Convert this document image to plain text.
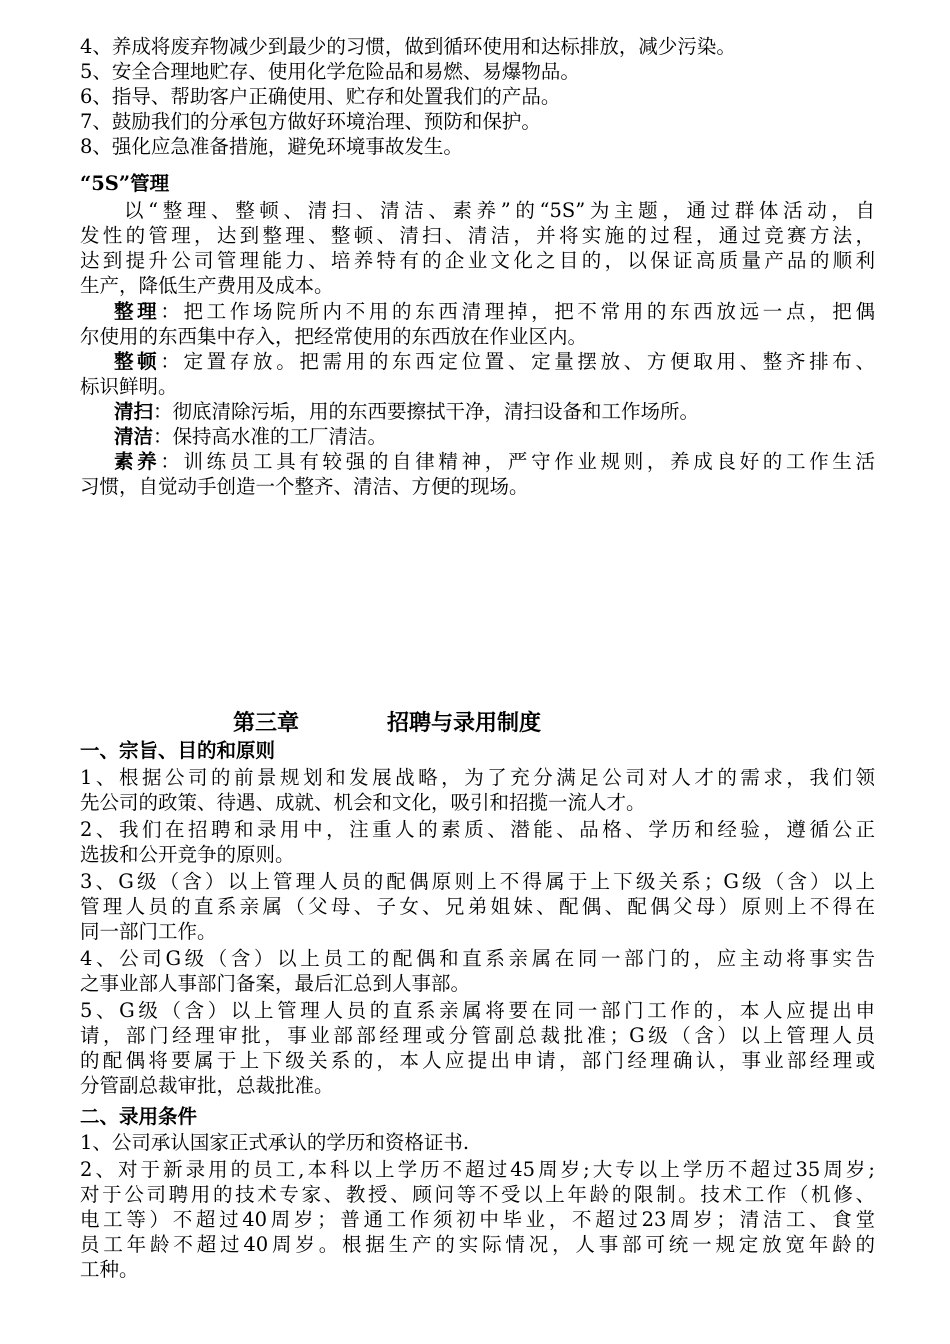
4、养成将废弃物减少到最少的习惯，做到循环使用和达标排放，减少污染。
5、安全合理地贮存、使用化学危险品和易燃、易爆物品。
6、指导、帮助客户正确使用、贮存和处置我们的产品。
7、鼓励我们的分承包方做好环境治理、预防和保护。
8、强化应急准备措施，避免环境事故发生。
“5S”管理
以“整理、整顿、清扫、清洁、素养”的“5S”为主题，通过群体活动，自
发性的管理，达到整理、整顿、清扫、清洁，并将实施的过程，通过竞赛方法，
达到提升公司管理能力、培养特有的企业文化之目的，以保证高质量产品的顺利
生产，降低生产费用及成本。
整理：把工作场院所内不用的东西清理掉，把不常用的东西放远一点，把偶
尔使用的东西集中存入，把经常使用的东西放在作业区内。
整顿：定置存放。把需用的东西定位置、定量摆放、方便取用、整齐排布、
标识鲜明。
清扫：彻底清除污垢，用的东西要擦拭干净，清扫设备和工作场所。
清洁：保持高水准的工厂清洁。
素养：训练员工具有较强的自律精神，严守作业规则，养成良好的工作生活
习惯，自觉动手创造一个整齐、清洁、方便的现场。
第三章	招聘与录用制度
一、宗旨、目的和原则
1、根据公司的前景规划和发展战略，为了充分满足公司对人才的需求，我们领
先公司的政策、待遇、成就、机会和文化，吸引和招揽一流人才。
2、我们在招聘和录用中，注重人的素质、潜能、品格、学历和经验，遵循公正
选拔和公开竞争的原则。
3、G级（含）以上管理人员的配偶原则上不得属于上下级关系；G级（含）以上
管理人员的直系亲属（父母、子女、兄弟姐妹、配偶、配偶父母）原则上不得在
同一部门工作。
4、公司G级（含）以上员工的配偶和直系亲属在同一部门的，应主动将事实告
之事业部人事部门备案，最后汇总到人事部。
5、G级（含）以上管理人员的直系亲属将要在同一部门工作的，本人应提出申
请，部门经理审批，事业部部经理或分管副总裁批准；G级（含）以上管理人员
的配偶将要属于上下级关系的，本人应提出申请，部门经理确认，事业部经理或
分管副总裁审批，总裁批准。
二、录用条件
1、公司承认国家正式承认的学历和资格证书.
2、对于新录用的员工,本科以上学历不超过45周岁;大专以上学历不超过35周岁;
对于公司聘用的技术专家、教授、顾问等不受以上年龄的限制。技术工作（机修、
电工等）不超过40周岁；普通工作须初中毕业，不超过23周岁；清洁工、食堂
员工年龄不超过40周岁。根据生产的实际情况，人事部可统一规定放宽年龄的
工种。
